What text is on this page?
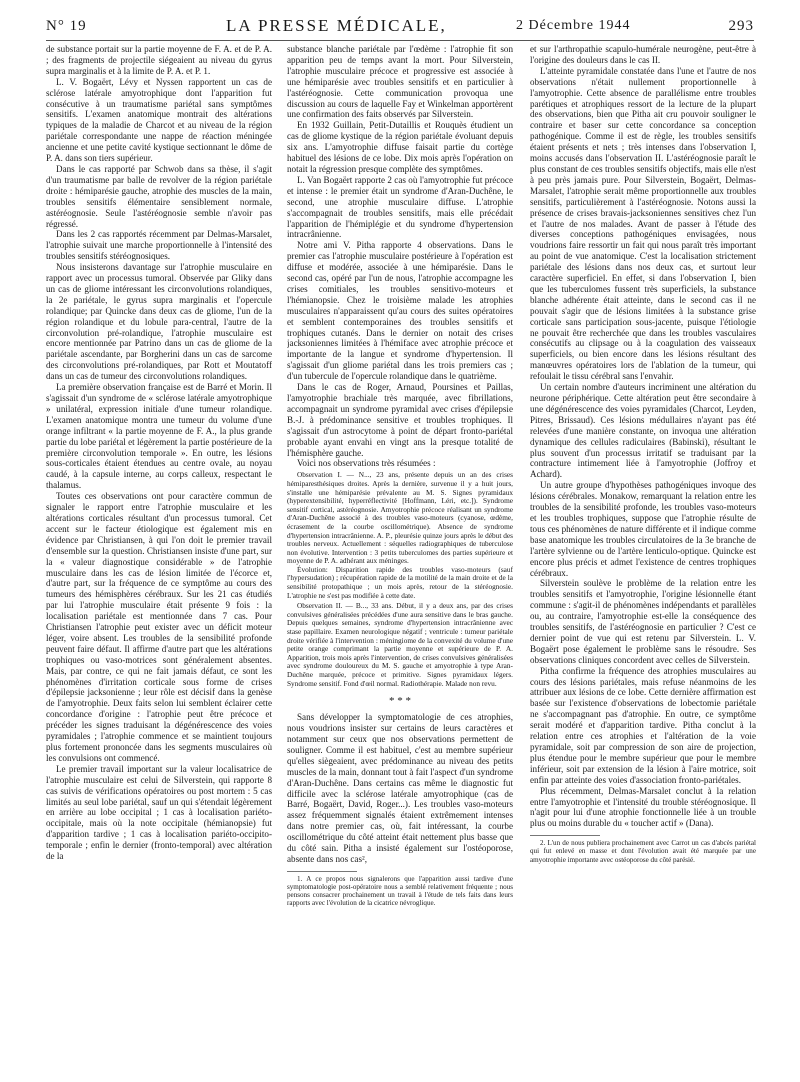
N° 19	LA PRESSE MÉDICALE,	2 Décembre 1944	293

de substance portait sur la partie moyenne de F. A. et de P. A. ; des fragments de projectile siégeaient au niveau du gyrus supra marginalis et à la limite de P. A. et P. 1.

L. V. Bogaërt, Lévy et Nyssen rapportent un cas de sclérose latérale amyotrophique dont l'apparition fut consécutive à un traumatisme pariétal sans symptômes sensitifs. L'examen anatomique montrait des altérations typiques de la maladie de Charcot et au niveau de la région pariétale correspondante une nappe de réaction méningée ancienne et une petite cavité kystique sectionnant le dôme de P. A. dans son tiers supérieur.

Dans le cas rapporté par Schwob dans sa thèse, il s'agit d'un traumatisme par balle de revolver de la région pariétale droite : hémiparésie gauche, atrophie des muscles de la main, troubles sensitifs élémentaire sensiblement normale, astéréognosie. Seule l'astéréognosie semble n'avoir pas régressé.

Dans les 2 cas rapportés récemment par Delmas-Marsalet, l'atrophie suivait une marche proportionnelle à l'intensité des troubles sensitifs stéréognosiques.

Nous insisterons davantage sur l'atrophie musculaire en rapport avec un processus tumoral. Observée par Gliky dans un cas de gliome intéressant les circonvolutions rolandiques, la 2e pariétale, le gyrus supra marginalis et l'opercule rolandique; par Quincke dans deux cas de gliome, l'un de la région rolandique et du lobule para-central, l'autre de la circonvolution pré-rolandique, l'atrophie musculaire est encore mentionnée par Patrino dans un cas de gliome de la pariétale ascendante, par Borgherini dans un cas de sarcome des circonvolutions pré-rolandiques, par Rott et Moutatoff dans un cas de tumeur des circonvolutions rolandiques.

La première observation française est de Barré et Morin. Il s'agissait d'un syndrome de « sclérose latérale amyotrophique » unilatéral, expression initiale d'une tumeur rolandique. L'examen anatomique montra une tumeur du volume d'une orange infiltrant « la partie moyenne de F. A., la plus grande partie du lobe pariétal et légèrement la partie postérieure de la première circonvolution temporale ». En outre, les lésions sous-corticales étaient étendues au centre ovale, au noyau caudé, à la capsule interne, au corps calleux, respectant le thalamus.

Toutes ces observations ont pour caractère commun de signaler le rapport entre l'atrophie musculaire et les altérations corticales résultant d'un processus tumoral. Cet accent sur le facteur étiologique est également mis en évidence par Christiansen, à qui l'on doit le premier travail d'ensemble sur la question. Christiansen insiste d'une part, sur la « valeur diagnostique considérable » de l'atrophie musculaire dans les cas de lésion limitée de l'écorce et, d'autre part, sur la fréquence de ce symptôme au cours des tumeurs des hémisphères cérébraux. Sur les 21 cas étudiés par lui l'atrophie musculaire était présente 9 fois : la localisation pariétale est mentionnée dans 7 cas. Pour Christiansen l'atrophie peut exister avec un déficit moteur léger, voire absent. Les troubles de la sensibilité profonde peuvent faire défaut. Il affirme d'autre part que les altérations trophiques ou vaso-motrices sont généralement absentes. Mais, par contre, ce qui ne fait jamais défaut, ce sont les phénomènes d'irritation corticale sous forme de crises d'épilepsie jacksonienne ; leur rôle est décisif dans la genèse de l'amyotrophie. Deux faits selon lui semblent éclairer cette concordance d'origine : l'atrophie peut être précoce et précéder les signes traduisant la dégénérescence des voies pyramidales ; l'atrophie commence et se maintient toujours plus fortement prononcée dans les segments musculaires où les convulsions ont commencé.

Le premier travail important sur la valeur localisatrice de l'atrophie musculaire est celui de Silverstein, qui rapporte 8 cas suivis de vérifications opératoires ou post mortem : 5 cas limités au seul lobe pariétal, sauf un qui s'étendait légèrement en arrière au lobe occipital ; 1 cas à localisation pariéto-occipitale, mais où la note occipitale (hémianopsie) fut d'apparition tardive ; 1 cas à localisation pariéto-occipito-temporale ; enfin le dernier (fronto-temporal) avec altération de la

substance blanche pariétale par l'œdème : l'atrophie fit son apparition peu de temps avant la mort. Pour Silverstein, l'atrophie musculaire précoce et progressive est associée à une hémiparésie avec troubles sensitifs et en particulier à l'astéréognosie. Cette communication provoqua une discussion au cours de laquelle Fay et Winkelman apportèrent une confirmation des faits observés par Silverstein.

En 1932 Guillain, Petit-Dutaillis et Rouquès étudient un cas de gliome kystique de la région pariétale évoluant depuis six ans. L'amyotrophie diffuse faisait partie du cortège habituel des lésions de ce lobe. Dix mois après l'opération on notait la régression presque complète des symptômes.

L. Van Bogaërt rapporte 2 cas où l'amyotrophie fut précoce et intense : le premier était un syndrome d'Aran-Duchêne, le second, une atrophie musculaire diffuse. L'atrophie s'accompagnait de troubles sensitifs, mais elle précédait l'apparition de l'hémiplégie et du syndrome d'hypertension intracrânienne.

Notre ami V. Pitha rapporte 4 observations. Dans le premier cas l'atrophie musculaire postérieure à l'opération est diffuse et modérée, associée à une hémiparésie. Dans le second cas, opéré par l'un de nous, l'atrophie accompagne les crises comitiales, les troubles sensitivo-moteurs et l'hémianopsie. Chez le troisième malade les atrophies musculaires n'apparaissent qu'au cours des suites opératoires et semblent contemporaines des troubles sensitifs et trophiques cutanés. Dans le dernier on notait des crises jacksoniennes limitées à l'hémiface avec atrophie précoce et importante de la langue et syndrome d'hypertension. Il s'agissait d'un gliome pariétal dans les trois premiers cas ; d'un tubercule de l'opercule rolandique dans le quatrième.

Dans le cas de Roger, Arnaud, Poursines et Paillas, l'amyotrophie brachiale très marquée, avec fibrillations, accompagnait un syndrome pyramidal avec crises d'épilepsie B.-J. à prédominance sensitive et troubles trophiques. Il s'agissait d'un astrocytome à point de départ fronto-pariétal probable ayant envahi en vingt ans la presque totalité de l'hémisphère gauche.

Voici nos observations très résumées :

Observation I. — N..., 23 ans, présente depuis un an des crises hémiparesthésiques droites. Après la dernière, survenue il y a huit jours, s'installe une hémiparésie prévalente au M. S. Signes pyramidaux (hyperextensibilité, hyperréflectivité [Hoffmann, Léri, etc.]). Syndrome sensitif cortical, astéréognosie. Amyotrophie précoce réalisant un syndrome d'Aran-Duchêne associé à des troubles vaso-moteurs (cyanose, œdème, écrasement de la courbe oscillométrique). Absence de syndrome d'hypertension intracrânienne. A. P., pleurésie quinze jours après le début des troubles nerveux. Actuellement : séquelles radiographiques de tuberculose non évolutive. Intervention : 3 petits tuberculomes des parties supérieure et moyenne de P. A. adhérant aux méninges.

Évolution: Disparition rapide des troubles vaso-moteurs (sauf l'hypersudation) ; récupération rapide de la motilité de la main droite et de la sensibilité protopathique ; un mois après, retour de la stéréognosie. L'atrophie ne s'est pas modifiée à cette date.

Observation II. — B..., 33 ans. Début, il y a deux ans, par des crises convulsives généralisées précédées d'une aura sensitive dans le bras gauche. Depuis quelques semaines, syndrome d'hypertension intracrânienne avec stase papillaire. Examen neurologique négatif ; ventricule : tumeur pariétale droite vérifiée à l'intervention : méningiome de la convexité du volume d'une petite orange comprimant la partie moyenne et supérieure de P. A. Apparition, trois mois après l'intervention, de crises convulsives généralisées avec syndrome douloureux du M. S. gauche et amyotrophie à type Aran-Duchêne marquée, précoce et primitive. Signes pyramidaux légers. Syndrome sensitif. Fond d'œil normal. Radiothérapie. Malade non revu.

* * *

Sans développer la symptomatologie de ces atrophies, nous voudrions insister sur certains de leurs caractères et notamment sur ceux que nos observations permettent de souligner. Comme il est habituel, c'est au membre supérieur qu'elles siègeaient, avec prédominance au niveau des petits muscles de la main, donnant tout à fait l'aspect d'un syndrome d'Aran-Duchêne. Dans certains cas même le diagnostic fut difficile avec la sclérose latérale amyotrophique (cas de Barré, Bogaërt, David, Roger...). Les troubles vaso-moteurs assez fréquemment signalés étaient extrêmement intenses dans notre premier cas, où, fait intéressant, la courbe oscillométrique du côté atteint était nettement plus basse que du côté sain. Pitha a insisté également sur l'ostéoporose, absente dans nos cas²,

1. A ce propos nous signalerons que l'apparition aussi tardive d'une symptomatologie post-opératoire nous a semblé relativement fréquente ; nous pensons consacrer prochainement un travail à l'étude de tels faits dans leurs rapports avec l'évolution de la cicatrice névroglique.

et sur l'arthropathie scapulo-humérale neurogène, peut-être à l'origine des douleurs dans le cas II.

L'atteinte pyramidale constatée dans l'une et l'autre de nos observations n'était nullement proportionnelle à l'amyotrophie. Cette absence de parallélisme entre troubles parétiques et atrophiques ressort de la lecture de la plupart des observations, bien que Pitha ait cru pouvoir souligner le contraire et baser sur cette concordance sa conception pathogénique. Comme il est de règle, les troubles sensitifs étaient présents et nets ; très intenses dans l'observation I, moins accusés dans l'observation II. L'astéréognosie paraît le plus constant de ces troubles sensitifs objectifs, mais elle n'est à peu près jamais pure. Pour Silverstein, Bogaërt, Delmas-Marsalet, l'atrophie serait même proportionnelle aux troubles sensitifs, particulièrement à l'astéréognosie. Notons aussi la présence de crises bravais-jacksoniennes sensitives chez l'un et l'autre de nos malades. Avant de passer à l'étude des diverses conceptions pathogéniques envisagées, nous voudrions faire ressortir un fait qui nous paraît très important au point de vue anatomique. C'est la localisation strictement pariétale des lésions dans nos deux cas, et surtout leur caractère superficiel. En effet, si dans l'observation I, bien que les tuberculomes fussent très superficiels, la substance blanche adhérente était atteinte, dans le second cas il ne pouvait s'agir que de lésions limitées à la substance grise corticale sans participation sous-jacente, puisque l'étiologie ne pouvait être recherchée que dans les troubles vasculaires consécutifs au clipsage ou à la coagulation des vaisseaux superficiels, ou bien encore dans les lésions résultant des manœuvres opératoires lors de l'ablation de la tumeur, qui refoulait le tissu cérébral sans l'envahir.

Un certain nombre d'auteurs incriminent une altération du neurone périphérique. Cette altération peut être secondaire à une dégénérescence des voies pyramidales (Charcot, Leyden, Pitres, Brissaud). Ces lésions médullaires n'ayant pas été relevées d'une manière constante, on invoqua une altération dynamique des cellules radiculaires (Babinski), résultant le plus souvent d'un processus irritatif se traduisant par la contracture intimement liée à l'amyotrophie (Joffroy et Achard).

Un autre groupe d'hypothèses pathogéniques invoque des lésions cérébrales. Monakow, remarquant la relation entre les troubles de la sensibilité profonde, les troubles vaso-moteurs et les troubles trophiques, suppose que l'atrophie résulte de tous ces phénomènes de nature différente et il indique comme base anatomique les troubles circulatoires de la 3e branche de l'artère sylvienne ou de l'artère lenticulo-optique. Quincke est encore plus précis et admet l'existence de centres trophiques cérébraux.

Silverstein soulève le problème de la relation entre les troubles sensitifs et l'amyotrophie, l'origine lésionnelle étant commune : s'agit-il de phénomènes indépendants et parallèles ou, au contraire, l'amyotrophie est-elle la conséquence des troubles sensitifs, de l'astéréognosie en particulier ? C'est ce dernier point de vue qui est retenu par Silverstein. L. V. Bogaërt pose également le problème sans le résoudre. Ses observations cliniques concordent avec celles de Silverstein.

Pitha confirme la fréquence des atrophies musculaires au cours des lésions pariétales, mais refuse néanmoins de les attribuer aux lésions de ce lobe. Cette dernière affirmation est basée sur l'existence d'observations de lobectomie pariétale ne s'accompagnant pas d'atrophie. En outre, ce symptôme serait modéré et d'apparition tardive. Pitha conclut à la relation entre ces atrophies et l'altération de la voie pyramidale, soit par compression de son aire de projection, plus étendue pour le membre supérieur que pour le membre inférieur, soit par extension de la lésion à l'aire motrice, soit enfin par atteinte des voies d'association fronto-pariétales.

Plus récemment, Delmas-Marsalet conclut à la relation entre l'amyotrophie et l'intensité du trouble stéréognosique. Il n'agit pour lui d'une atrophie fonctionnelle liée à un trouble plus ou moins durable du « toucher actif » (Dana).

2. L'un de nous publiera prochainement avec Carrot un cas d'abcès pariétal qui fut enlevé en masse et dont l'évolution avait été marquée par une amyotrophie importante avec ostéoporose du côté parésié.
